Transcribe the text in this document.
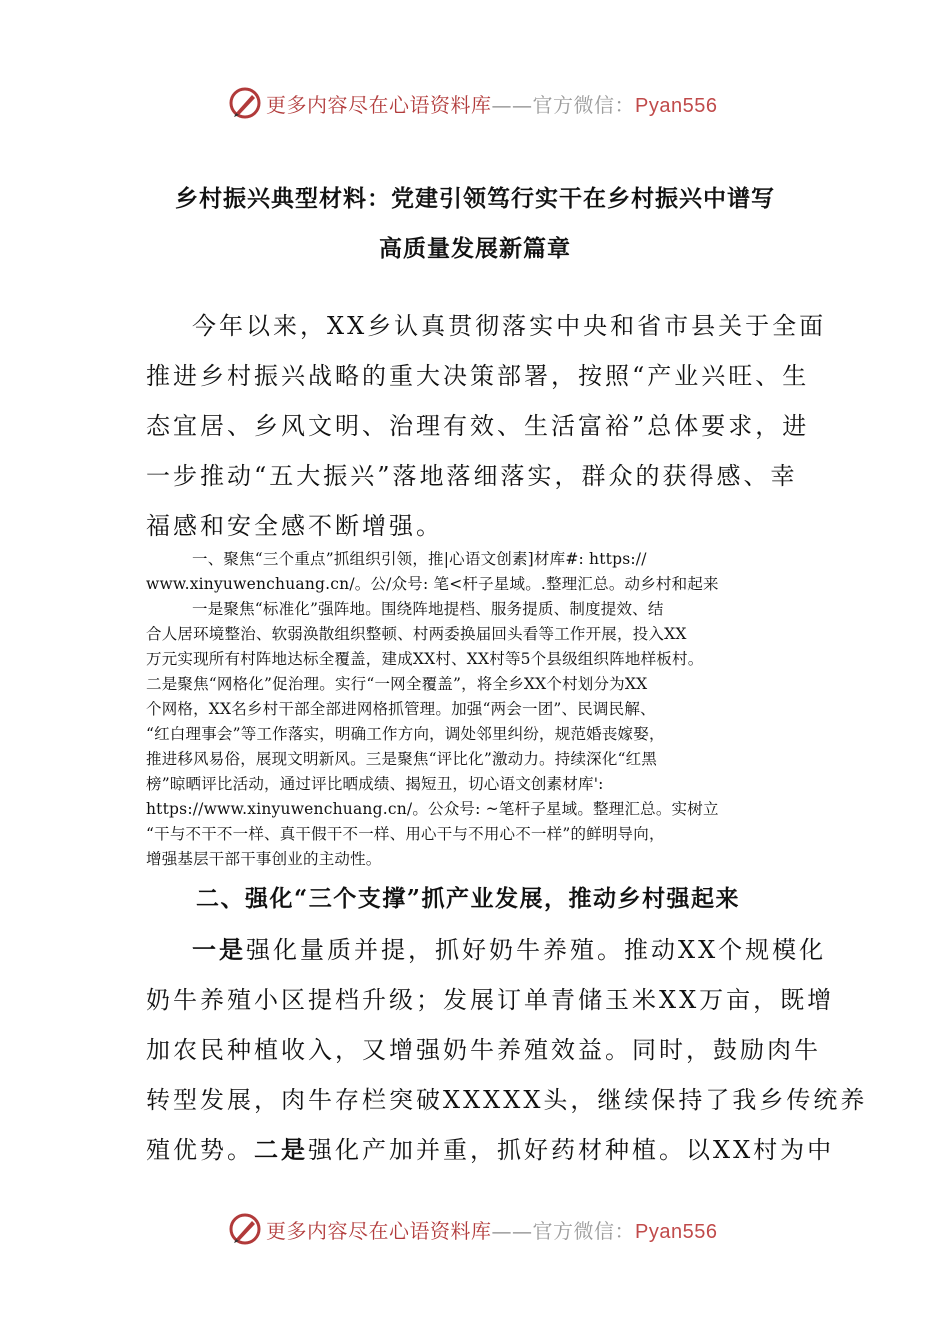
更多内容尽在心语资料库——官方微信：Pyan556
乡村振兴典型材料：党建引领笃行实干在乡村振兴中谱写
高质量发展新篇章
今年以来，XX乡认真贯彻落实中央和省市县关于全面
推进乡村振兴战略的重大决策部署，按照“产业兴旺、生
态宜居、乡风文明、治理有效、生活富裕”总体要求，进
一步推动“五大振兴”落地落细落实，群众的获得感、幸
福感和安全感不断增强。
一、聚焦“三个重点”抓组织引领，推|心语文创素]材库#: https://
www.xinyuwenchuang.cn/。公/众号: 笔<杆子星域。.整理汇总。动乡村和起来
一是聚焦“标准化”强阵地。围绕阵地提档、服务提质、制度提效、结
合人居环境整治、软弱涣散组织整顿、村两委换届回头看等工作开展，投入XX
万元实现所有村阵地达标全覆盖，建成XX村、XX村等5个县级组织阵地样板村。
二是聚焦“网格化”促治理。实行“一网全覆盖”，将全乡XX个村划分为XX
个网格，XX名乡村干部全部进网格抓管理。加强“两会一团”、民调民解、
“红白理事会”等工作落实，明确工作方向，调处邻里纠纷，规范婚丧嫁娶，
推进移风易俗，展现文明新风。三是聚焦“评比化”激动力。持续深化“红黑
榜”晾晒评比活动，通过评比晒成绩、揭短丑，切心语文创素材库':
https://www.xinyuwenchuang.cn/。公众号: ~笔杆子星域。整理汇总。实树立
“干与不干不一样、真干假干不一样、用心干与不用心不一样”的鲜明导向，
增强基层干部干事创业的主动性。
二、强化“三个支撑”抓产业发展，推动乡村强起来
一是强化量质并提，抓好奶牛养殖。推动XX个规模化
奶牛养殖小区提档升级；发展订单青储玉米XX万亩，既增
加农民种植收入，又增强奶牛养殖效益。同时，鼓励肉牛
转型发展，肉牛存栏突破XXXXX头，继续保持了我乡传统养
殖优势。二是强化产加并重，抓好药材种植。以XX村为中
更多内容尽在心语资料库——官方微信：Pyan556
